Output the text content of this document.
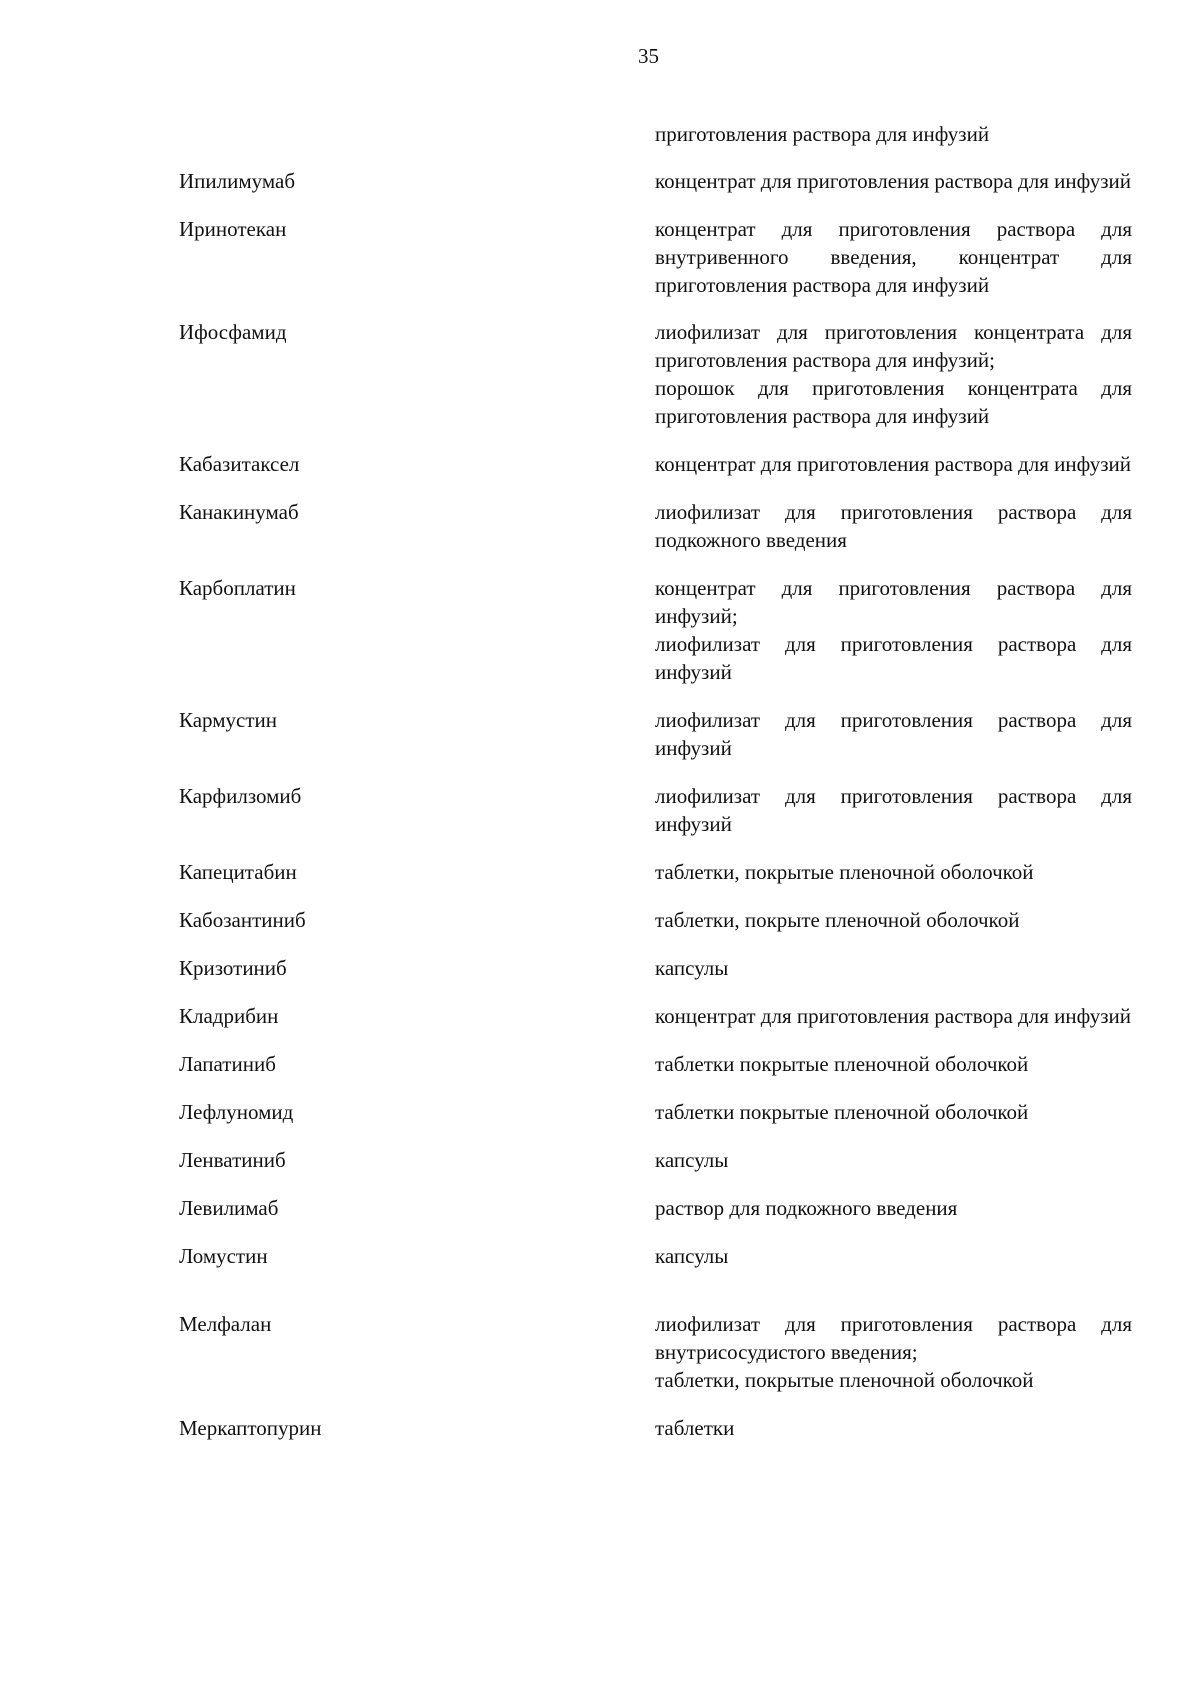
35
приготовления раствора для инфузий
Ипилимумаб	концентрат для приготовления раствора для инфузий
Иринотекан	концентрат для приготовления раствора для внутривенного введения, концентрат для приготовления раствора для инфузий
Ифосфамид	лиофилизат для приготовления концентрата для приготовления раствора для инфузий;
порошок для приготовления концентрата для приготовления раствора для инфузий
Кабазитаксел	концентрат для приготовления раствора для инфузий
Канакинумаб	лиофилизат для приготовления раствора для подкожного введения
Карбоплатин	концентрат для приготовления раствора для инфузий;
лиофилизат для приготовления раствора для инфузий
Кармустин	лиофилизат для приготовления раствора для инфузий
Карфилзомиб	лиофилизат для приготовления раствора для инфузий
Капецитабин	таблетки, покрытые пленочной оболочкой
Кабозантиниб	таблетки, покрыте пленочной оболочкой
Кризотиниб	капсулы
Кладрибин	концентрат для приготовления раствора для инфузий
Лапатиниб	таблетки покрытые пленочной оболочкой
Лефлуномид	таблетки покрытые пленочной оболочкой
Ленватиниб	капсулы
Левилимаб	раствор для подкожного введения
Ломустин	капсулы
Мелфалан	лиофилизат для приготовления раствора для внутрисосудистого введения;
таблетки, покрытые пленочной оболочкой
Меркаптопурин	таблетки
